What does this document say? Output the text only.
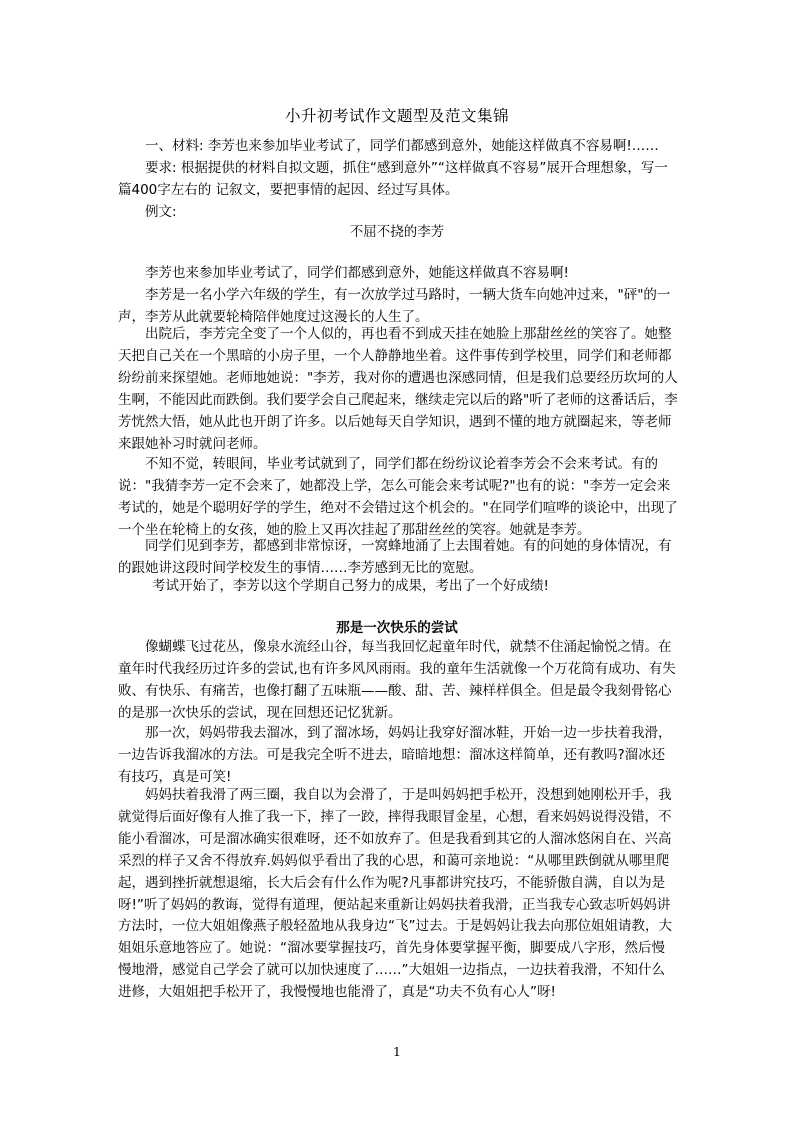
小升初考试作文题型及范文集锦

一、材料: 李芳也来参加毕业考试了，同学们都感到意外，她能这样做真不容易啊!……

要求: 根据提供的材料自拟文题，抓住“感到意外”“这样做真不容易”展开合理想象，写一篇400字左右的 记叙文，要把事情的起因、经过写具体。

例文:

不屈不挠的李芳

李芳也来参加毕业考试了，同学们都感到意外，她能这样做真不容易啊!

李芳是一名小学六年级的学生，有一次放学过马路时，一辆大货车向她冲过来，"砰"的一声，李芳从此就要轮椅陪伴她度过这漫长的人生了。

出院后，李芳完全变了一个人似的，再也看不到成天挂在她脸上那甜丝丝的笑容了。她整天把自己关在一个黑暗的小房子里，一个人静静地坐着。这件事传到学校里，同学们和老师都纷纷前来探望她。老师地她说："李芳，我对你的遭遇也深感同情，但是我们总要经历坎坷的人生啊，不能因此而跌倒。我们要学会自己爬起来，继续走完以后的路"听了老师的这番话后，李芳恍然大悟，她从此也开朗了许多。以后她每天自学知识，遇到不懂的地方就圈起来，等老师来跟她补习时就问老师。

不知不觉，转眼间，毕业考试就到了，同学们都在纷纷议论着李芳会不会来考试。有的说："我猜李芳一定不会来了，她都没上学，怎么可能会来考试呢?"也有的说："李芳一定会来考试的，她是个聪明好学的学生，绝对不会错过这个机会的。"在同学们喧哗的谈论中，出现了一个坐在轮椅上的女孩，她的脸上又再次挂起了那甜丝丝的笑容。她就是李芳。

同学们见到李芳，都感到非常惊讶，一窝蜂地涌了上去围着她。有的问她的身体情况，有的跟她讲这段时间学校发生的事情……李芳感到无比的宽慰。

考试开始了，李芳以这个学期自己努力的成果，考出了一个好成绩!

那是一次快乐的尝试

像蝴蝶飞过花丛，像泉水流经山谷，每当我回忆起童年时代，就禁不住涌起愉悦之情。在童年时代我经历过许多的尝试,也有许多风风雨雨。我的童年生活就像一个万花筒有成功、有失败、有快乐、有痛苦，也像打翻了五味瓶——酸、甜、苦、辣样样俱全。但是最令我刻骨铭心的是那一次快乐的尝试，现在回想还记忆犹新。

那一次，妈妈带我去溜冰，到了溜冰场，妈妈让我穿好溜冰鞋，开始一边一步扶着我滑，一边告诉我溜冰的方法。可是我完全听不进去，暗暗地想：溜冰这样简单，还有教吗?溜冰还有技巧，真是可笑!

妈妈扶着我滑了两三圈，我自以为会滑了，于是叫妈妈把手松开，没想到她刚松开手，我就觉得后面好像有人推了我一下，摔了一跤，摔得我眼冒金星，心想，看来妈妈说得没错，不能小看溜冰，可是溜冰确实很难呀，还不如放弃了。但是我看到其它的人溜冰悠闲自在、兴高采烈的样子又舍不得放弃.妈妈似乎看出了我的心思，和蔼可亲地说：“从哪里跌倒就从哪里爬起，遇到挫折就想退缩，长大后会有什么作为呢?凡事都讲究技巧，不能骄傲自满，自以为是呀!”听了妈妈的教诲，觉得有道理，便站起来重新让妈妈扶着我滑，正当我专心致志听妈妈讲方法时，一位大姐姐像燕子般轻盈地从我身边“飞”过去。于是妈妈让我去向那位姐姐请教，大姐姐乐意地答应了。她说：“溜冰要掌握技巧，首先身体要掌握平衡，脚要成八字形，然后慢慢地滑，感觉自己学会了就可以加快速度了……”大姐姐一边指点，一边扶着我滑，不知什么进修，大姐姐把手松开了，我慢慢地也能滑了，真是“功夫不负有心人”呀!

1
